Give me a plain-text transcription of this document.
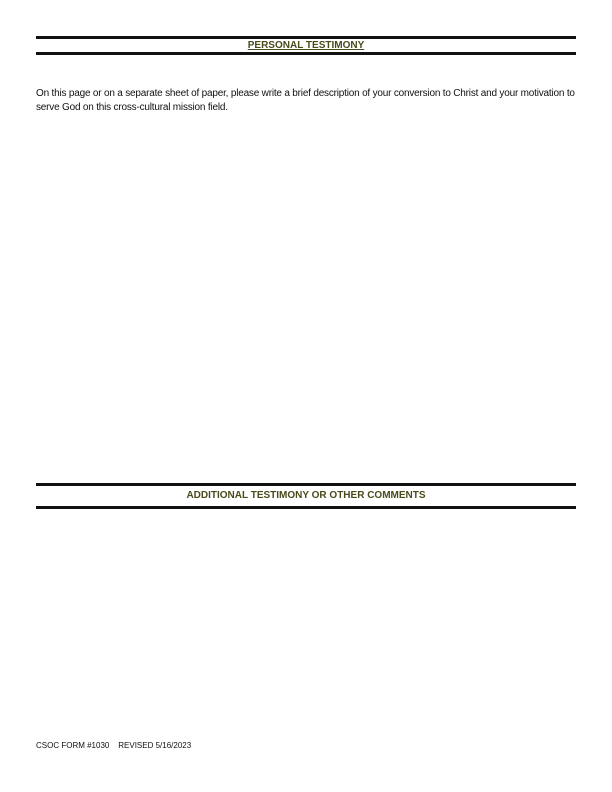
PERSONAL TESTIMONY

On this page or on a separate sheet of paper, please write a brief description of your conversion to Christ and your motivation to serve God on this cross-cultural mission field.

ADDITIONAL TESTIMONY OR OTHER COMMENTS
CSOC FORM #1030 REVISED 5/16/2023
